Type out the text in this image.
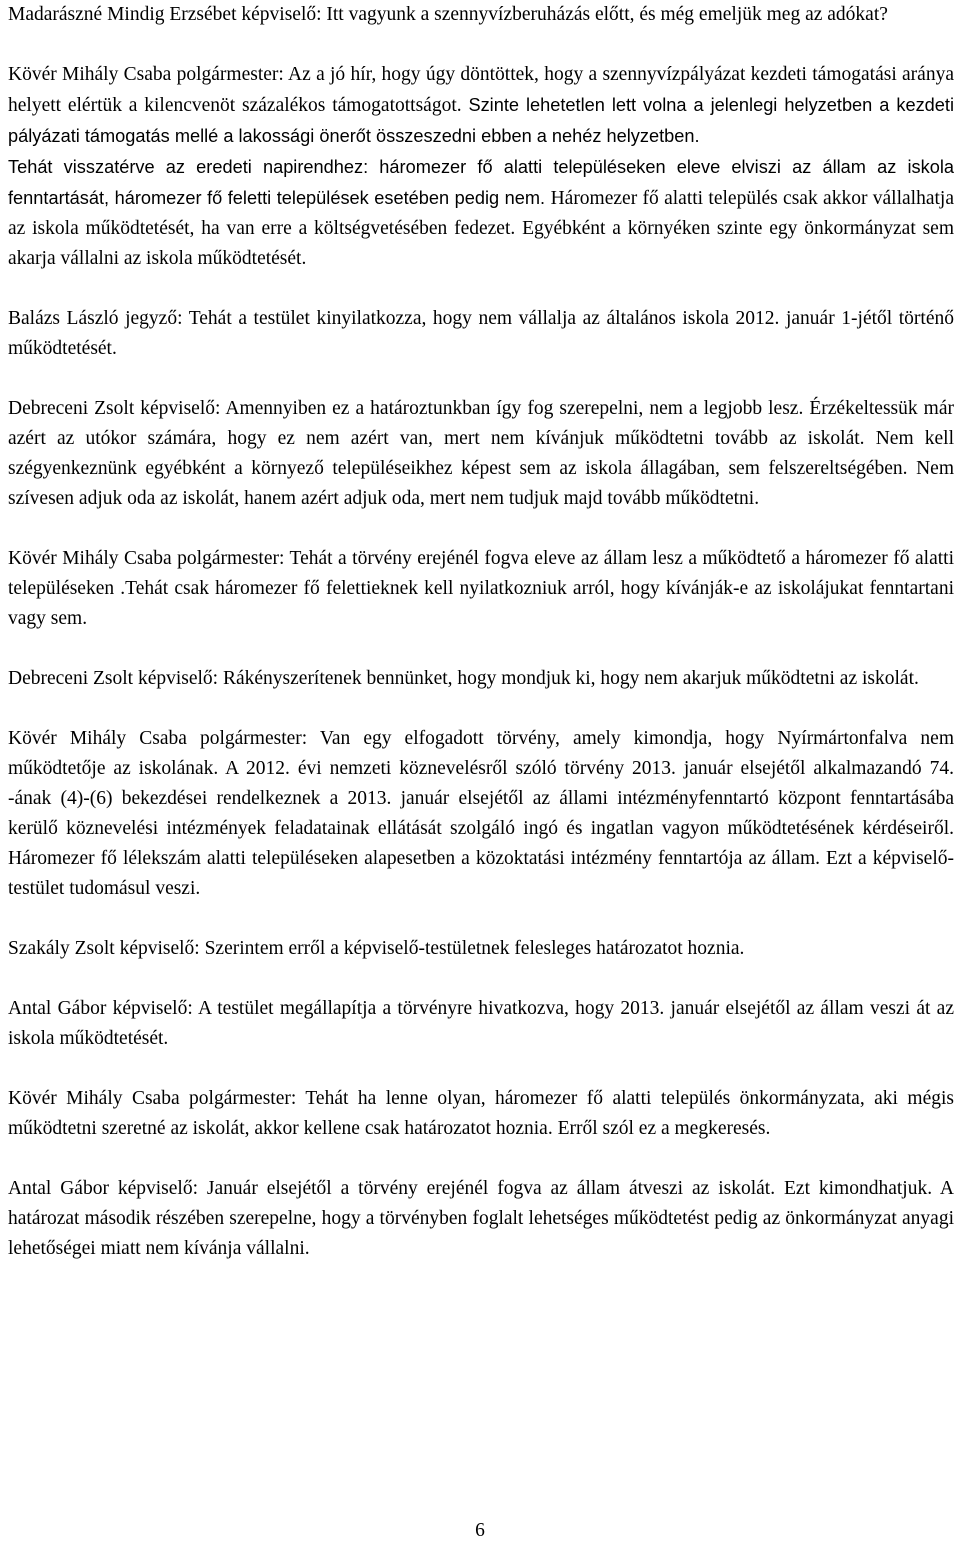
Madarászné Mindig Erzsébet képviselő: Itt vagyunk a szennyvízberuházás előtt, és még emeljük meg az adókat?

Kövér Mihály Csaba polgármester: Az a jó hír, hogy úgy döntöttek, hogy a szennyvízpályázat kezdeti támogatási aránya helyett elértük a kilencvenöt százalékos támogatottságot. Szinte lehetetlen lett volna a jelenlegi helyzetben a kezdeti pályázati támogatás mellé a lakossági önerőt összeszedni ebben a nehéz helyzetben.

Tehát visszatérve az eredeti napirendhez: háromezer fő alatti településeken eleve elviszi az állam az iskola fenntartását, háromezer fő feletti települések esetében pedig nem. Háromezer fő alatti település csak akkor vállalhatja az iskola működtetését, ha van erre a költségvetésében fedezet. Egyébként a környéken szinte egy önkormányzat sem akarja vállalni az iskola működtetését.

Balázs László jegyző: Tehát a testület kinyilatkozza, hogy nem vállalja az általános iskola 2012. január 1-jétől történő működtetését.

Debreceni Zsolt képviselő: Amennyiben ez a határoztunkban így fog szerepelni, nem a legjobb lesz. Érzékeltessük már azért az utókor számára, hogy ez nem azért van, mert nem kívánjuk működtetni tovább az iskolát. Nem kell szégyenkeznünk egyébként a környező településeikhez képest sem az iskola állagában, sem felszereltségében. Nem szívesen adjuk oda az iskolát, hanem azért adjuk oda, mert nem tudjuk majd tovább működtetni.

Kövér Mihály Csaba polgármester: Tehát a törvény erejénél fogva eleve az állam lesz a működtető a háromezer fő alatti településeken .Tehát csak háromezer fő felettieknek kell nyilatkozniuk arról, hogy kívánják-e az iskolájukat fenntartani vagy sem.

Debreceni Zsolt képviselő: Rákényszerítenek bennünket, hogy mondjuk ki, hogy nem akarjuk működtetni az iskolát.

Kövér Mihály Csaba polgármester: Van egy elfogadott törvény, amely kimondja, hogy Nyírmártonfalva nem működtetője az iskolának. A 2012. évi nemzeti köznevelésről szóló törvény 2013. január elsejétől alkalmazandó 74. -ának (4)-(6) bekezdései rendelkeznek a 2013. január elsejétől az állami intézményfenntartó központ fenntartásába kerülő köznevelési intézmények feladatainak ellátását szolgáló ingó és ingatlan vagyon működtetésének kérdéseiről. Háromezer fő lélekszám alatti településeken alapesetben a közoktatási intézmény fenntartója az állam. Ezt a képviselő-testület tudomásul veszi.

Szakály Zsolt képviselő: Szerintem erről a képviselő-testületnek felesleges határozatot hoznia.

Antal Gábor képviselő: A testület megállapítja a törvényre hivatkozva, hogy 2013. január elsejétől az állam veszi át az iskola működtetését.

Kövér Mihály Csaba polgármester: Tehát ha lenne olyan, háromezer fő alatti település önkormányzata, aki mégis működtetni szeretné az iskolát, akkor kellene csak határozatot hoznia. Erről szól ez a megkeresés.

Antal Gábor képviselő: Január elsejétől a törvény erejénél fogva az állam átveszi az iskolát. Ezt kimondhatjuk. A határozat második részében szerepelne, hogy a törvényben foglalt lehetséges működtetést pedig az önkormányzat anyagi lehetőségei miatt nem kívánja vállalni.

6
